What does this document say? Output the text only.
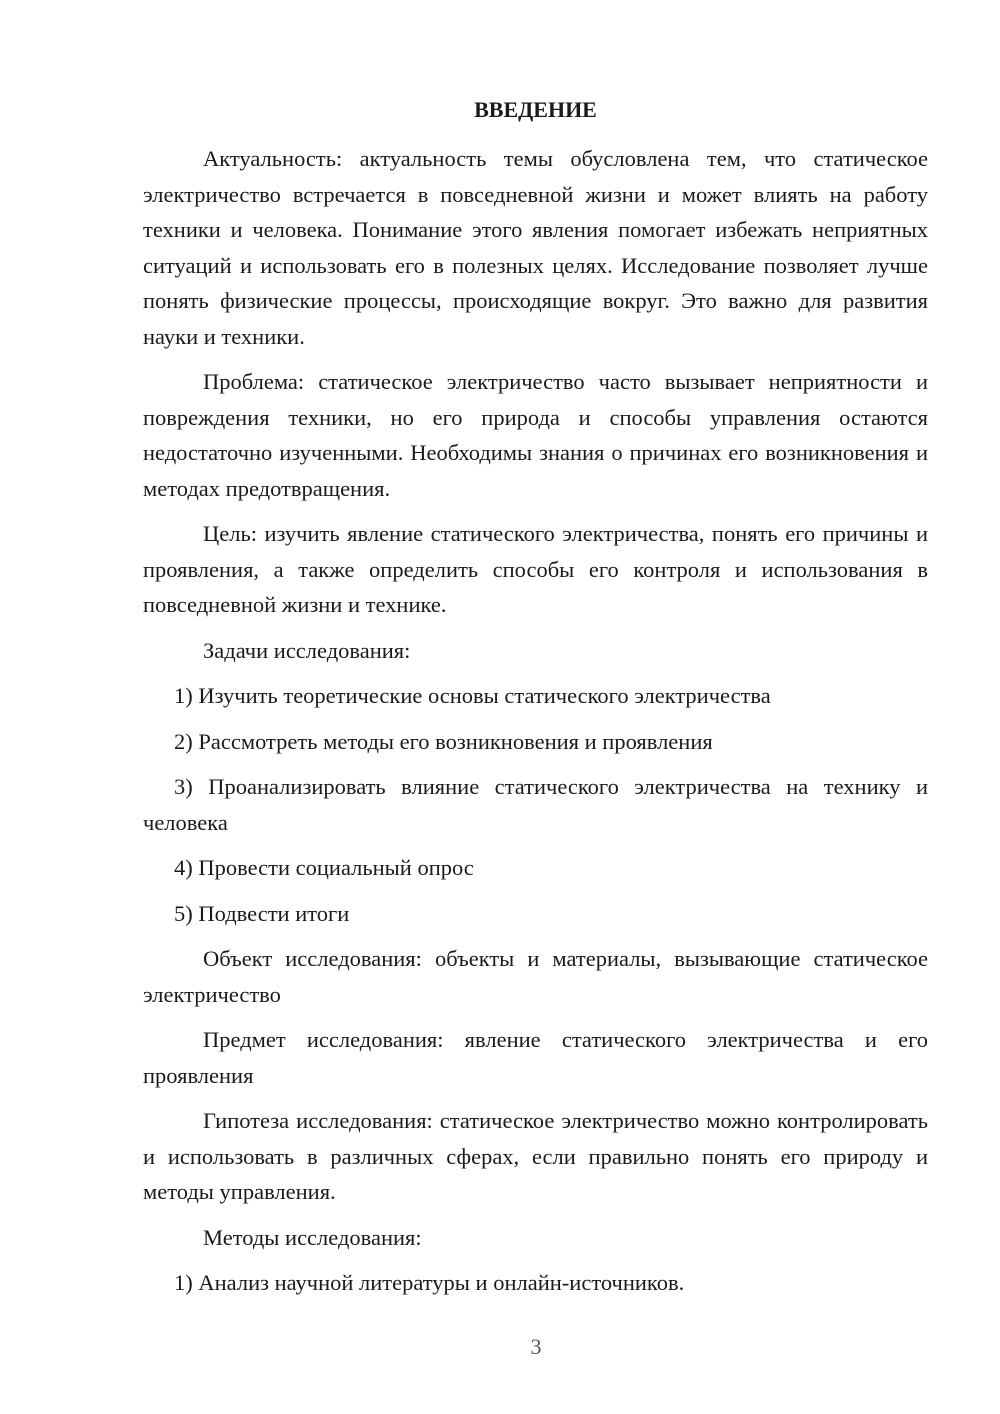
ВВЕДЕНИЕ

Актуальность: актуальность темы обусловлена тем, что статическое электричество встречается в повседневной жизни и может влиять на работу техники и человека. Понимание этого явления помогает избежать неприятных ситуаций и использовать его в полезных целях. Исследование позволяет лучше понять физические процессы, происходящие вокруг. Это важно для развития науки и техники.

Проблема: статическое электричество часто вызывает неприятности и повреждения техники, но его природа и способы управления остаются недостаточно изученными. Необходимы знания о причинах его возникновения и методах предотвращения.

Цель: изучить явление статического электричества, понять его причины и проявления, а также определить способы его контроля и использования в повседневной жизни и технике.

Задачи исследования:

1) Изучить теоретические основы статического электричества

2) Рассмотреть методы его возникновения и проявления

3) Проанализировать влияние статического электричества на технику и человека

4) Провести социальный опрос

5) Подвести итоги

Объект исследования: объекты и материалы, вызывающие статическое электричество

Предмет исследования: явление статического электричества и его проявления

Гипотеза исследования: статическое электричество можно контролировать и использовать в различных сферах, если правильно понять его природу и методы управления.

Методы исследования:

1) Анализ научной литературы и онлайн-источников.

3
